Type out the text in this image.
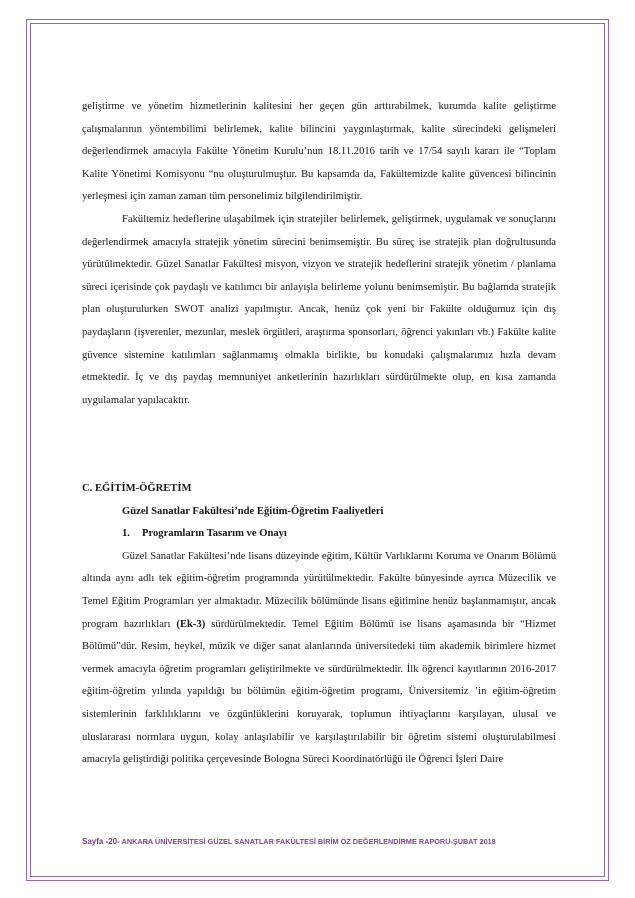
geliştirme ve yönetim hizmetlerinin kalitesini her geçen gün arttırabilmek, kurumda kalite geliştirme çalışmalarının yöntembilimi belirlemek, kalite bilincini yaygınlaştırmak, kalite sürecindeki gelişmeleri değerlendirmek amacıyla Fakülte Yönetim Kurulu’nun 18.11.2016 tarih ve 17/54 sayılı kararı ile “Toplam Kalite Yönetimi Komisyonu “nu oluşturulmuştur. Bu kapsamda da, Fakültemizde kalite güvencesi bilincinin yerleşmesi için zaman zaman tüm personelimiz bilgilendirilmiştir.

Fakültemiz hedeflerine ulaşabilmek için stratejiler belirlemek, geliştirmek, uygulamak ve sonuçlarını değerlendirmek amacıyla stratejik yönetim sürecini benimsemiştir. Bu süreç ise stratejik plan doğrultusunda yürütülmektedir. Güzel Sanatlar Fakültesi misyon, vizyon ve stratejik hedeflerini stratejik yönetim / planlama süreci içerisinde çok paydaşlı ve katılımcı bir anlayışla belirleme yolunu benimsemiştir. Bu bağlamda stratejik plan oluşturulurken SWOT analizi yapılmıştır. Ancak, henüz çok yeni bir Fakülte olduğumuz için dış paydaşların (işverenler, mezunlar, meslek örgütleri, araştırma sponsorları, öğrenci yakınları vb.) Fakülte kalite güvence sistemine katılımları sağlanmamış olmakla birlikte, bu konudaki çalışmalarımız hızla devam etmektedir. İç ve dış paydaş memnuniyet anketlerinin hazırlıkları sürdürülmekte olup, en kısa zamanda uygulamalar yapılacaktır.

C. EĞİTİM-ÖĞRETİM

Güzel Sanatlar Fakültesi’nde Eğitim-Öğretim Faaliyetleri

1. Programların Tasarım ve Onayı

Güzel Sanatlar Fakültesi’nde lisans düzeyinde eğitim, Kültür Varlıklarını Koruma ve Onarım Bölümü altında aynı adlı tek eğitim-öğretim programında yürütülmektedir. Fakülte bünyesinde ayrıca Müzecilik ve Temel Eğitim Programları yer almaktadır. Müzecilik bölümünde lisans eğitimine henüz başlanmamıştır, ancak program hazırlıkları (Ek-3) sürdürülmektedir. Temel Eğitim Bölümü ise lisans aşamasında bir “Hizmet Bölümü”dür. Resim, heykel, müzik ve diğer sanat alanlarında üniversitedeki tüm akademik birimlere hizmet vermek amacıyla öğretim programları geliştirilmekte ve sürdürülmektedir. İlk öğrenci kayıtlarının 2016-2017 eğitim-öğretim yılında yapıldığı bu bölümün eğitim-öğretim programı, Üniversitemiz ’in eğitim-öğretim sistemlerinin farklılıklarını ve özgünlüklerini koruyarak, toplumun ihtiyaçlarını karşılayan, ulusal ve uluslararası normlara uygun, kolay anlaşılabilir ve karşılaştırılabilir bir öğretim sistemi oluşturulabilmesi amacıyla geliştirdiği politika çerçevesinde Bologna Süreci Koordinatörlüğü ile Öğrenci İşleri Daire

Sayfa -20- ANKARA ÜNİVERSİTESİ GÜZEL SANATLAR FAKÜLTESİ BİRİM ÖZ DEĞERLENDİRME RAPORU-ŞUBAT 2018
